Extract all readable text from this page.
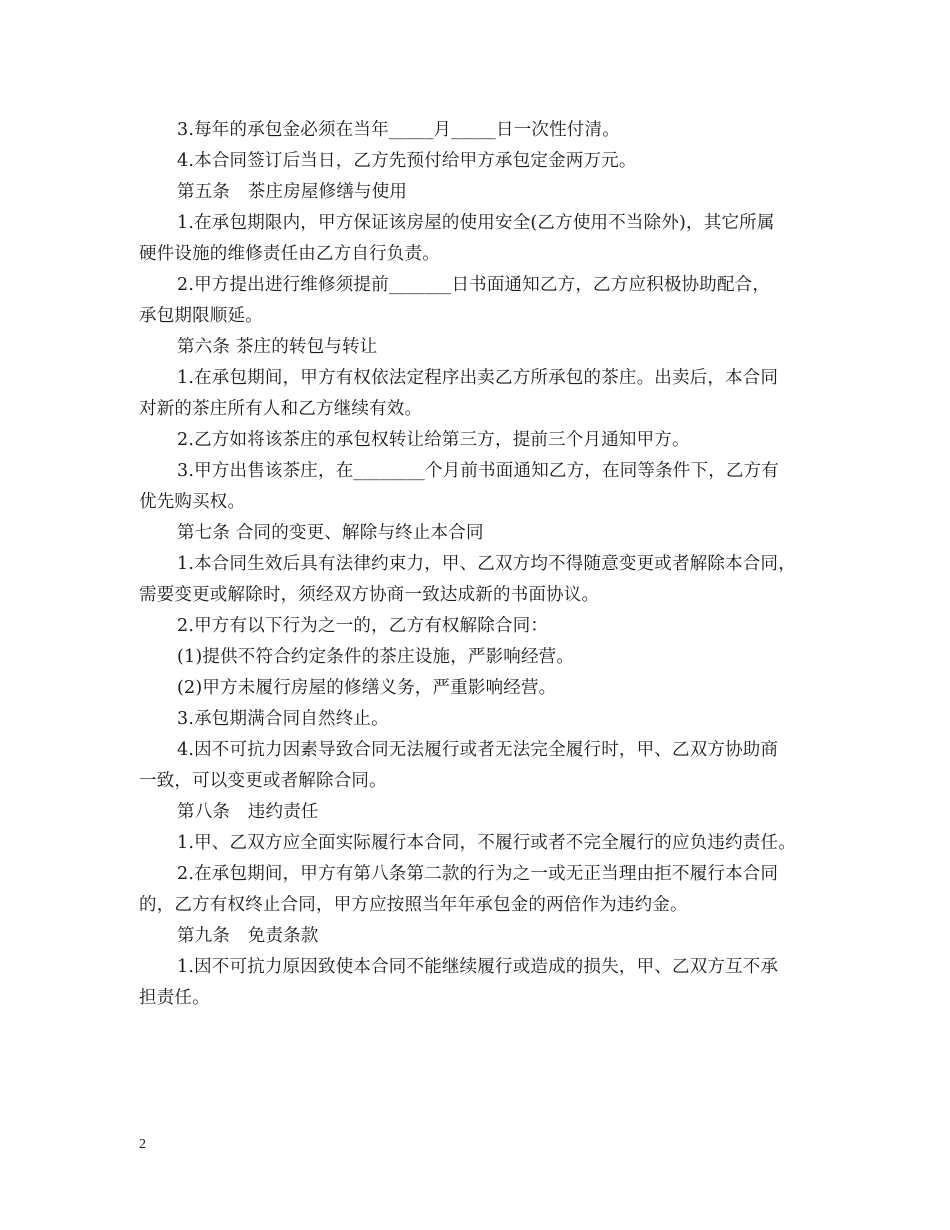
3.每年的承包金必须在当年_____月_____日一次性付清。
4.本合同签订后当日，乙方先预付给甲方承包定金两万元。
第五条　茶庄房屋修缮与使用
1.在承包期限内，甲方保证该房屋的使用安全(乙方使用不当除外)，其它所属
硬件设施的维修责任由乙方自行负责。
2.甲方提出进行维修须提前_______日书面通知乙方，乙方应积极协助配合，
承包期限顺延。
第六条 茶庄的转包与转让
1.在承包期间，甲方有权依法定程序出卖乙方所承包的茶庄。出卖后，本合同
对新的茶庄所有人和乙方继续有效。
2.乙方如将该茶庄的承包权转让给第三方，提前三个月通知甲方。
3.甲方出售该茶庄，在________个月前书面通知乙方，在同等条件下，乙方有
优先购买权。
第七条 合同的变更、解除与终止本合同
1.本合同生效后具有法律约束力，甲、乙双方均不得随意变更或者解除本合同，
需要变更或解除时，须经双方协商一致达成新的书面协议。
2.甲方有以下行为之一的，乙方有权解除合同：
(1)提供不符合约定条件的茶庄设施，严影响经营。
(2)甲方未履行房屋的修缮义务，严重影响经营。
3.承包期满合同自然终止。
4.因不可抗力因素导致合同无法履行或者无法完全履行时，甲、乙双方协助商
一致，可以变更或者解除合同。
第八条　违约责任
1.甲、乙双方应全面实际履行本合同，不履行或者不完全履行的应负违约责任。
2.在承包期间，甲方有第八条第二款的行为之一或无正当理由拒不履行本合同
的，乙方有权终止合同，甲方应按照当年年承包金的两倍作为违约金。
第九条　免责条款
1.因不可抗力原因致使本合同不能继续履行或造成的损失，甲、乙双方互不承
担责任。
2
